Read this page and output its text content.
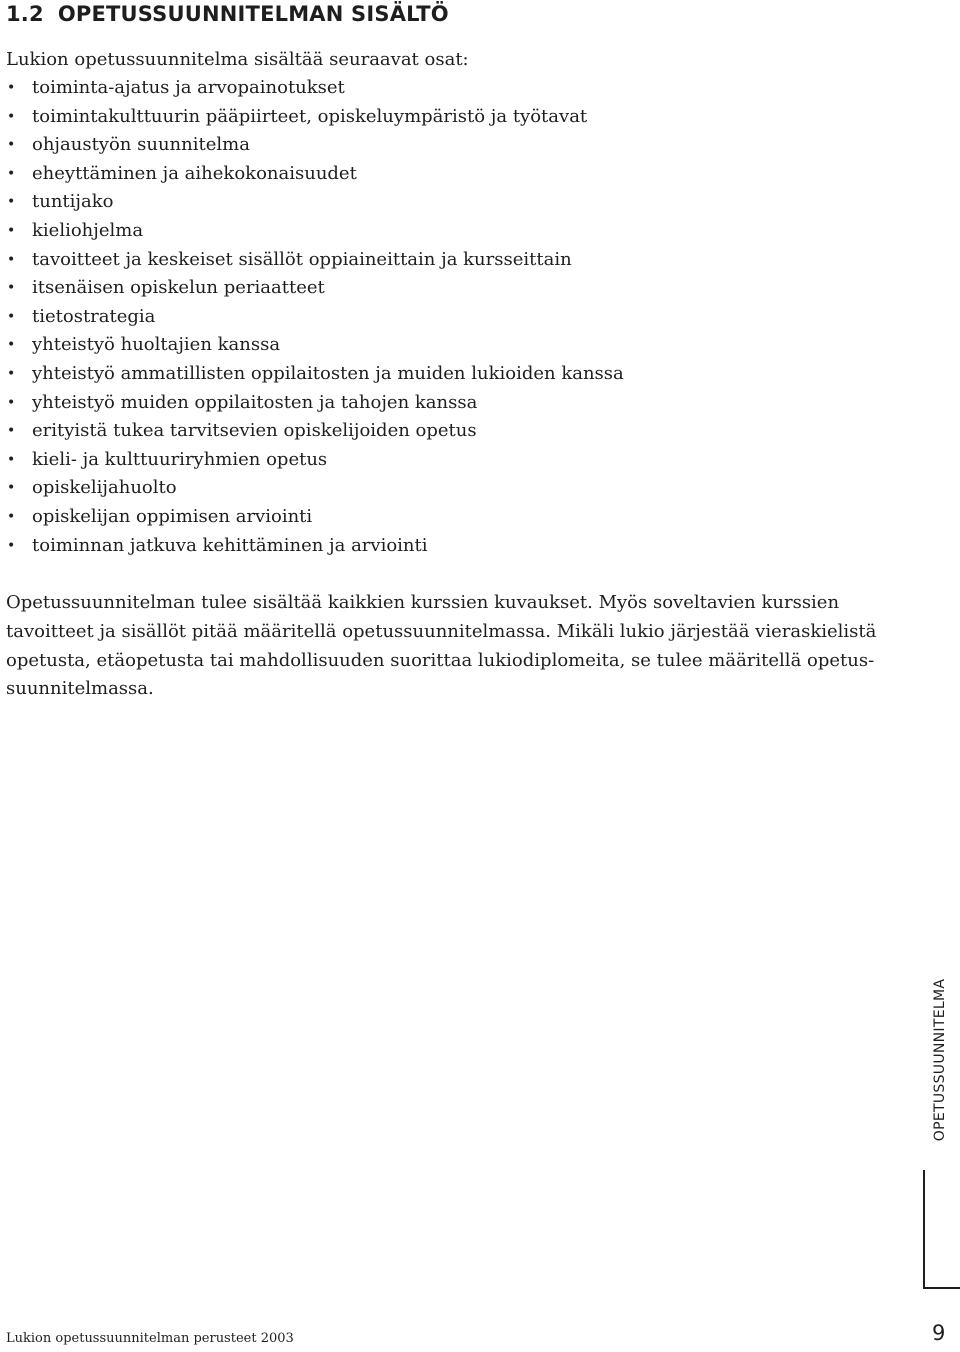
1.2 OPETUSSUUNNITELMAN SISÄLTÖ
Lukion opetussuunnitelma sisältää seuraavat osat:
• toiminta-ajatus ja arvopainotukset
• toimintakulttuurin pääpiirteet, opiskeluympäristö ja työtavat
• ohjaustyön suunnitelma
• eheyttäminen ja aihekokonaisuudet
• tuntijako
• kieliohjelma
• tavoitteet ja keskeiset sisällöt oppiaineittain ja kursseittain
• itsenäisen opiskelun periaatteet
• tietostrategia
• yhteistyö huoltajien kanssa
• yhteistyö ammatillisten oppilaitosten ja muiden lukioiden kanssa
• yhteistyö muiden oppilaitosten ja tahojen kanssa
• erityistä tukea tarvitsevien opiskelijoiden opetus
• kieli- ja kulttuuriryhmien opetus
• opiskelijahuolto
• opiskelijan oppimisen arviointi
• toiminnan jatkuva kehittäminen ja arviointi

Opetussuunnitelman tulee sisältää kaikkien kurssien kuvaukset. Myös soveltavien kurssien
tavoitteet ja sisällöt pitää määritellä opetussuunnitelmassa. Mikäli lukio järjestää vieraskielistä
opetusta, etäopetusta tai mahdollisuuden suorittaa lukiodiplomeita, se tulee määritellä opetus-
suunnitelmassa.

OPETUSSUUNNITELMA
Lukion opetussuunnitelman perusteet 2003	9
